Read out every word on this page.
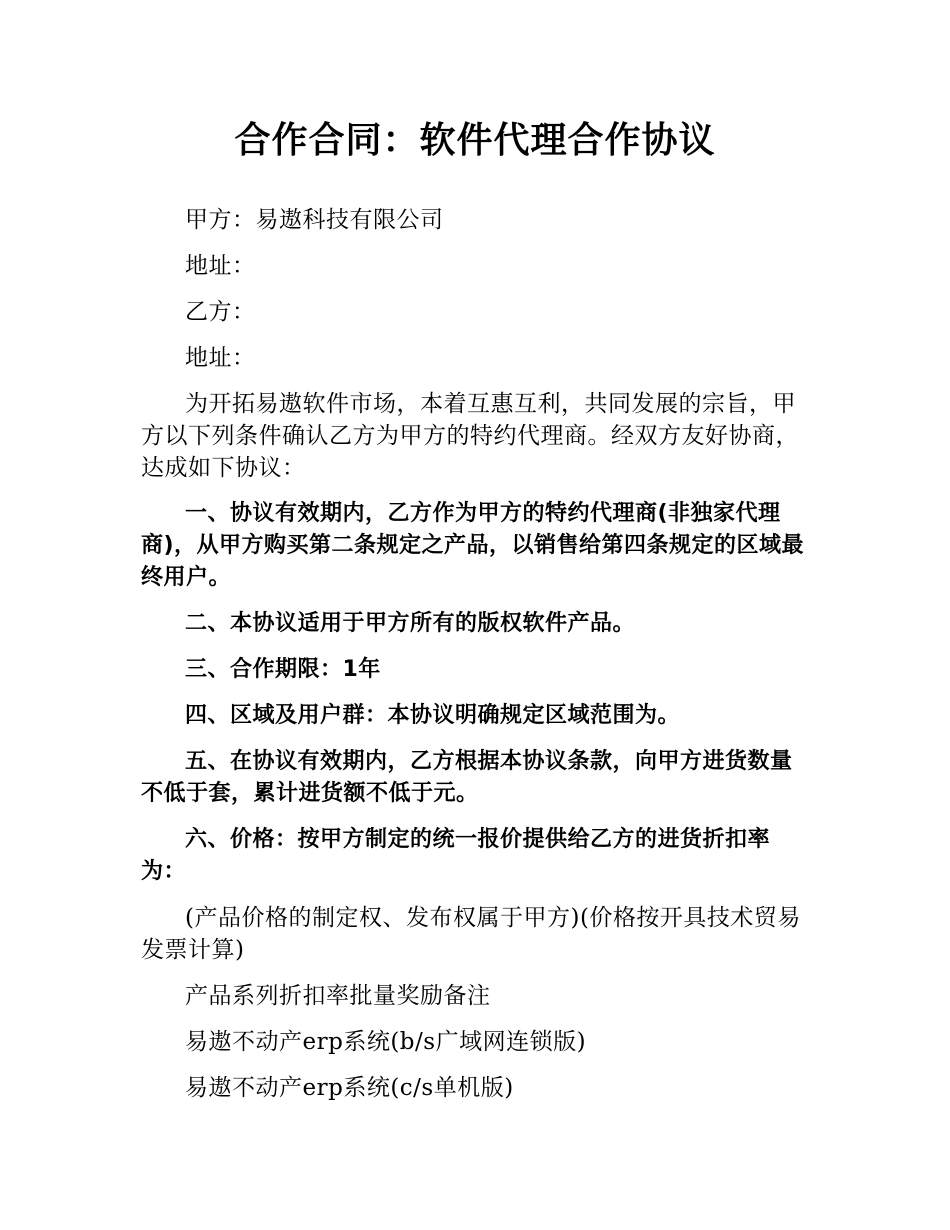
合作合同：软件代理合作协议

甲方：易遨科技有限公司

地址：

乙方：

地址：

为开拓易遨软件市场，本着互惠互利，共同发展的宗旨，甲方以下列条件确认乙方为甲方的特约代理商。经双方友好协商，达成如下协议：

一、协议有效期内，乙方作为甲方的特约代理商(非独家代理商)，从甲方购买第二条规定之产品，以销售给第四条规定的区域最终用户。

二、本协议适用于甲方所有的版权软件产品。

三、合作期限：1年

四、区域及用户群：本协议明确规定区域范围为。

五、在协议有效期内，乙方根据本协议条款，向甲方进货数量不低于套，累计进货额不低于元。

六、价格：按甲方制定的统一报价提供给乙方的进货折扣率为：

(产品价格的制定权、发布权属于甲方)(价格按开具技术贸易发票计算)

产品系列折扣率批量奖励备注

易遨不动产erp系统(b/s广域网连锁版)

易遨不动产erp系统(c/s单机版)
